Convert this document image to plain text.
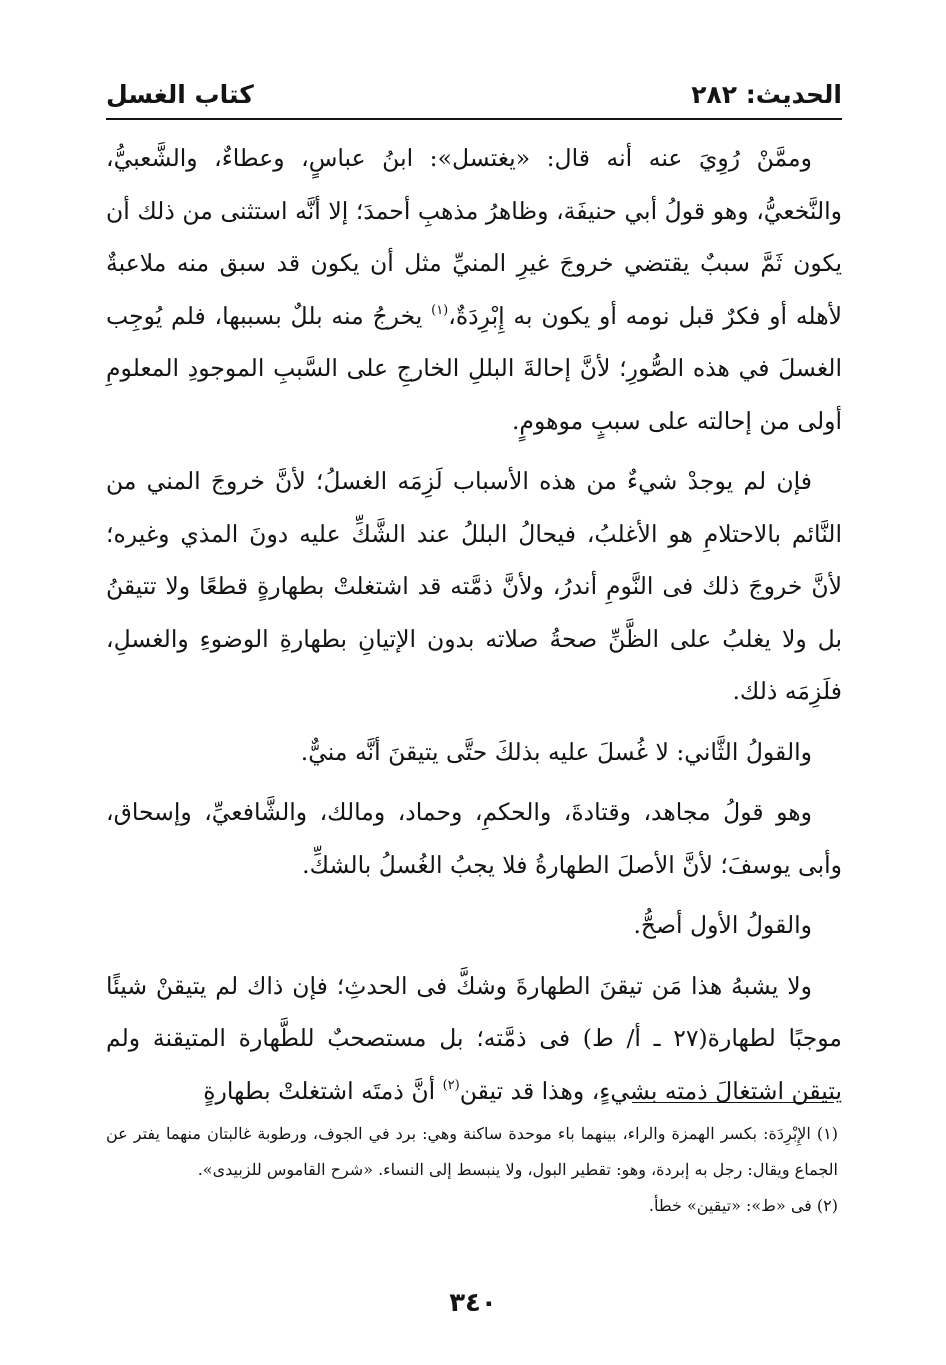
الحديث: ٢٨٢
كتاب الغسل

وممَّنْ رُوِيَ عنه أنه قال: «يغتسل»: ابنُ عباسٍ، وعطاءٌ، والشَّعبيُّ، والنَّخعيُّ، وهو قولُ أبي حنيفَة، وظاهرُ مذهبِ أحمدَ؛ إلا أنَّه استثنى من ذلك أن يكون ثَمَّ سببٌ يقتضي خروجَ غيرِ المنيِّ مثل أن يكون قد سبق منه ملاعبةٌ لأهله أو فكرٌ قبل نومه أو يكون به إِبْرِدَةٌ،$^{(١)}$ يخرجُ منه بللٌ بسببها، فلم يُوجِب الغسلَ في هذه الصُّورِ؛ لأنَّ إحالةَ البللِ الخارجِ على السَّببِ الموجودِ المعلومِ أولى من إحالته على سببٍ موهومٍ.

فإن لم يوجدْ شيءٌ من هذه الأسباب لَزِمَه الغسلُ؛ لأنَّ خروجَ المني من النَّائم بالاحتلامِ هو الأغلبُ، فيحالُ البللُ عند الشَّكِّ عليه دونَ المذي وغيره؛ لأنَّ خروجَ ذلك فى النَّومِ أندرُ، ولأنَّ ذمَّته قد اشتغلتْ بطهارةٍ قطعًا ولا تتيقنُ بل ولا يغلبُ على الظَّنِّ صحةُ صلاته بدون الإتيانِ بطهارةِ الوضوءِ والغسلِ، فلَزِمَه ذلك.

والقولُ الثَّاني: لا غُسلَ عليه بذلكَ حتَّى يتيقنَ أنَّه منيٌّ.

وهو قولُ مجاهد، وقتادةَ، والحكمِ، وحماد، ومالك، والشَّافعيِّ، وإسحاق، وأبى يوسفَ؛ لأنَّ الأصلَ الطهارةُ فلا يجبُ الغُسلُ بالشكِّ.

والقولُ الأول أصحُّ.

ولا يشبهُ هذا مَن تيقنَ الطهارةَ وشكَّ فى الحدثِ؛ فإن ذاك لم يتيقنْ شيئًا موجبًا لطهارة(٢٧ ـ أ/ ط) فى ذمَّته؛ بل مستصحبٌ للطَّهارة المتيقنة ولم يتيقن اشتغالَ ذمته بشيءٍ، وهذا قد تيقن$^{(٢)}$ أنَّ ذمتَه اشتغلتْ بطهارةٍ

(١) الإِبْرِدَة: بكسر الهمزة والراء، بينهما باء موحدة ساكنة وهي: برد في الجوف، ورطوبة غالبتان منهما يفتر عن الجماع ويقال: رجل به إبردة، وهو: تقطير البول، ولا ينبسط إلى النساء. «شرح القاموس للزبيدى».

(٢) فى «ط»: «تيقين» خطأ.

٣٤٠
